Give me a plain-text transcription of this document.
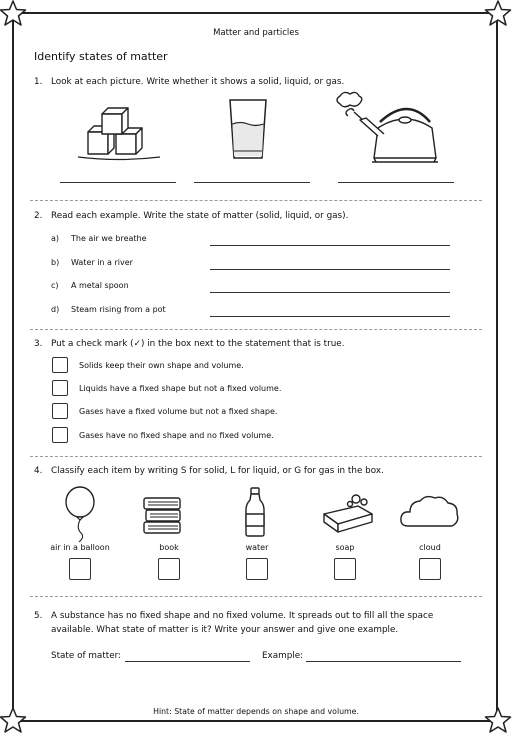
Matter and particles
Identify states of matter
1. Look at each picture. Write whether it shows a solid, liquid, or gas.
2. Read each example. Write the state of matter (solid, liquid, or gas).
a) The air we breathe
b) Water in a river
c) A metal spoon
d) Steam rising from a pot
3. Put a check mark (✓) in the box next to the statement that is true.
Solids keep their own shape and volume.
Liquids have a fixed shape but not a fixed volume.
Gases have a fixed volume but not a fixed shape.
Gases have no fixed shape and no fixed volume.
4. Classify each item by writing S for solid, L for liquid, or G for gas in the box.
air in a balloon	book	water	soap	cloud
5. A substance has no fixed shape and no fixed volume. It spreads out to fill all the space
available. What state of matter is it? Write your answer and give one example.
State of matter:	Example:
Hint: State of matter depends on shape and volume.
